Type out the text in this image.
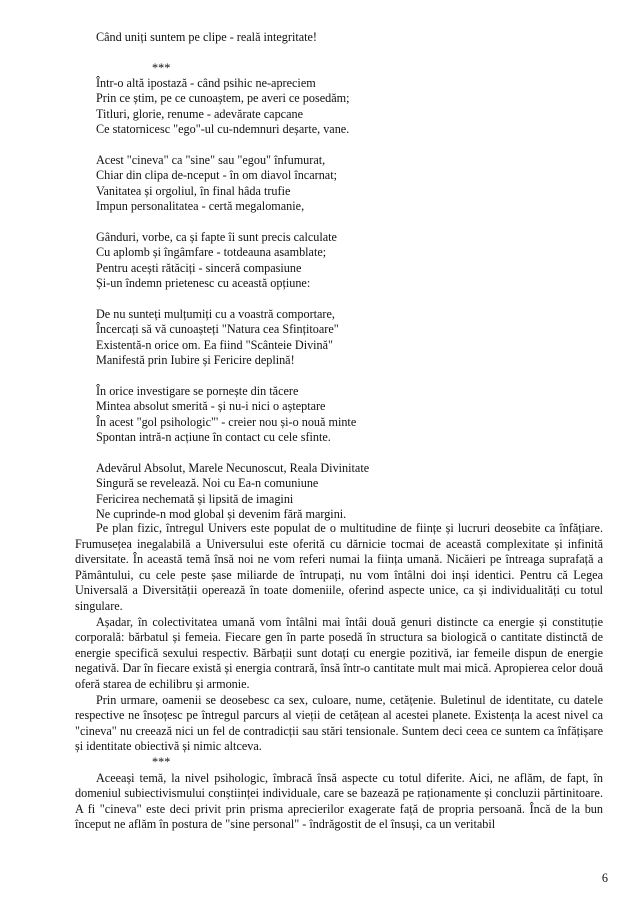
Când uniți suntem pe clipe - reală integritate!
***
Într-o altă ipostază - când psihic ne-apreciem
Prin ce știm, pe ce cunoaștem, pe averi ce posedăm;
Titluri, glorie, renume - adevărate capcane
Ce statornicesc "ego"-ul cu-ndemnuri deșarte, vane.
Acest "cineva" ca "sine" sau "egou" înfumurat,
Chiar din clipa de-nceput - în om diavol încarnat;
Vanitatea și orgoliul, în final hâda trufie
Impun personalitatea - certă megalomanie,
Gânduri, vorbe, ca și fapte îi sunt precis calculate
Cu aplomb și îngâmfare - totdeauna asamblate;
Pentru acești rătăciți - sinceră compasiune
Și-un îndemn prietenesc cu această opțiune:
De nu sunteți mulțumiți cu a voastră comportare,
Încercați să vă cunoașteți "Natura cea Sfințitoare"
Existentă-n orice om. Ea fiind "Scânteie Divină"
Manifestă prin Iubire și Fericire deplină!
În orice investigare se pornește din tăcere
Mintea absolut smerită - și nu-i nici o așteptare
În acest "gol psihologic"' - creier nou și-o nouă minte
Spontan intră-n acțiune în contact cu cele sfinte.
Adevărul Absolut, Marele Necunoscut, Reala Divinitate
Singură se revelează. Noi cu Ea-n comuniune
Fericirea nechemată și lipsită de imagini
Ne cuprinde-n mod global și devenim fără margini.

Pe plan fizic, întregul Univers este populat de o multitudine de ființe și lucruri deosebite ca înfățiare. Frumusețea inegalabilă a Universului este oferită cu dărnicie tocmai de această complexitate și infinită diversitate. În această temă însă noi ne vom referi numai la ființa umană. Nicăieri pe întreaga suprafață a Pământului, cu cele peste șase miliarde de întrupați, nu vom întâlni doi inși identici. Pentru că Legea Universală a Diversității operează în toate domeniile, oferind aspecte unice, ca și individualități cu totul singulare.

Așadar, în colectivitatea umană vom întâlni mai întâi două genuri distincte ca energie și constituție corporală: bărbatul și femeia. Fiecare gen în parte posedă în structura sa biologică o cantitate distinctă de energie specifică sexului respectiv. Bărbații sunt dotați cu energie pozitivă, iar femeile dispun de energie negativă. Dar în fiecare există și energia contrară, însă într-o cantitate mult mai mică. Apropierea celor două oferă starea de echilibru și armonie.

Prin urmare, oamenii se deosebesc ca sex, culoare, nume, cetățenie. Buletinul de identitate, cu datele respective ne însoțesc pe întregul parcurs al vieții de cetățean al acestei planete. Existența la acest nivel ca "cineva" nu creează nici un fel de contradicții sau stări tensionale. Suntem deci ceea ce suntem ca înfățișare și identitate obiectivă și nimic altceva.

***

Aceeași temă, la nivel psihologic, îmbracă însă aspecte cu totul diferite. Aici, ne aflăm, de fapt, în domeniul subiectivismului conștiinței individuale, care se bazează pe raționamente și concluzii părtinitoare. A fi "cineva" este deci privit prin prisma aprecierilor exagerate față de propria persoană. Încă de la bun început ne aflăm în postura de "sine personal" - îndrăgostit de el însuși, ca un veritabil

6
